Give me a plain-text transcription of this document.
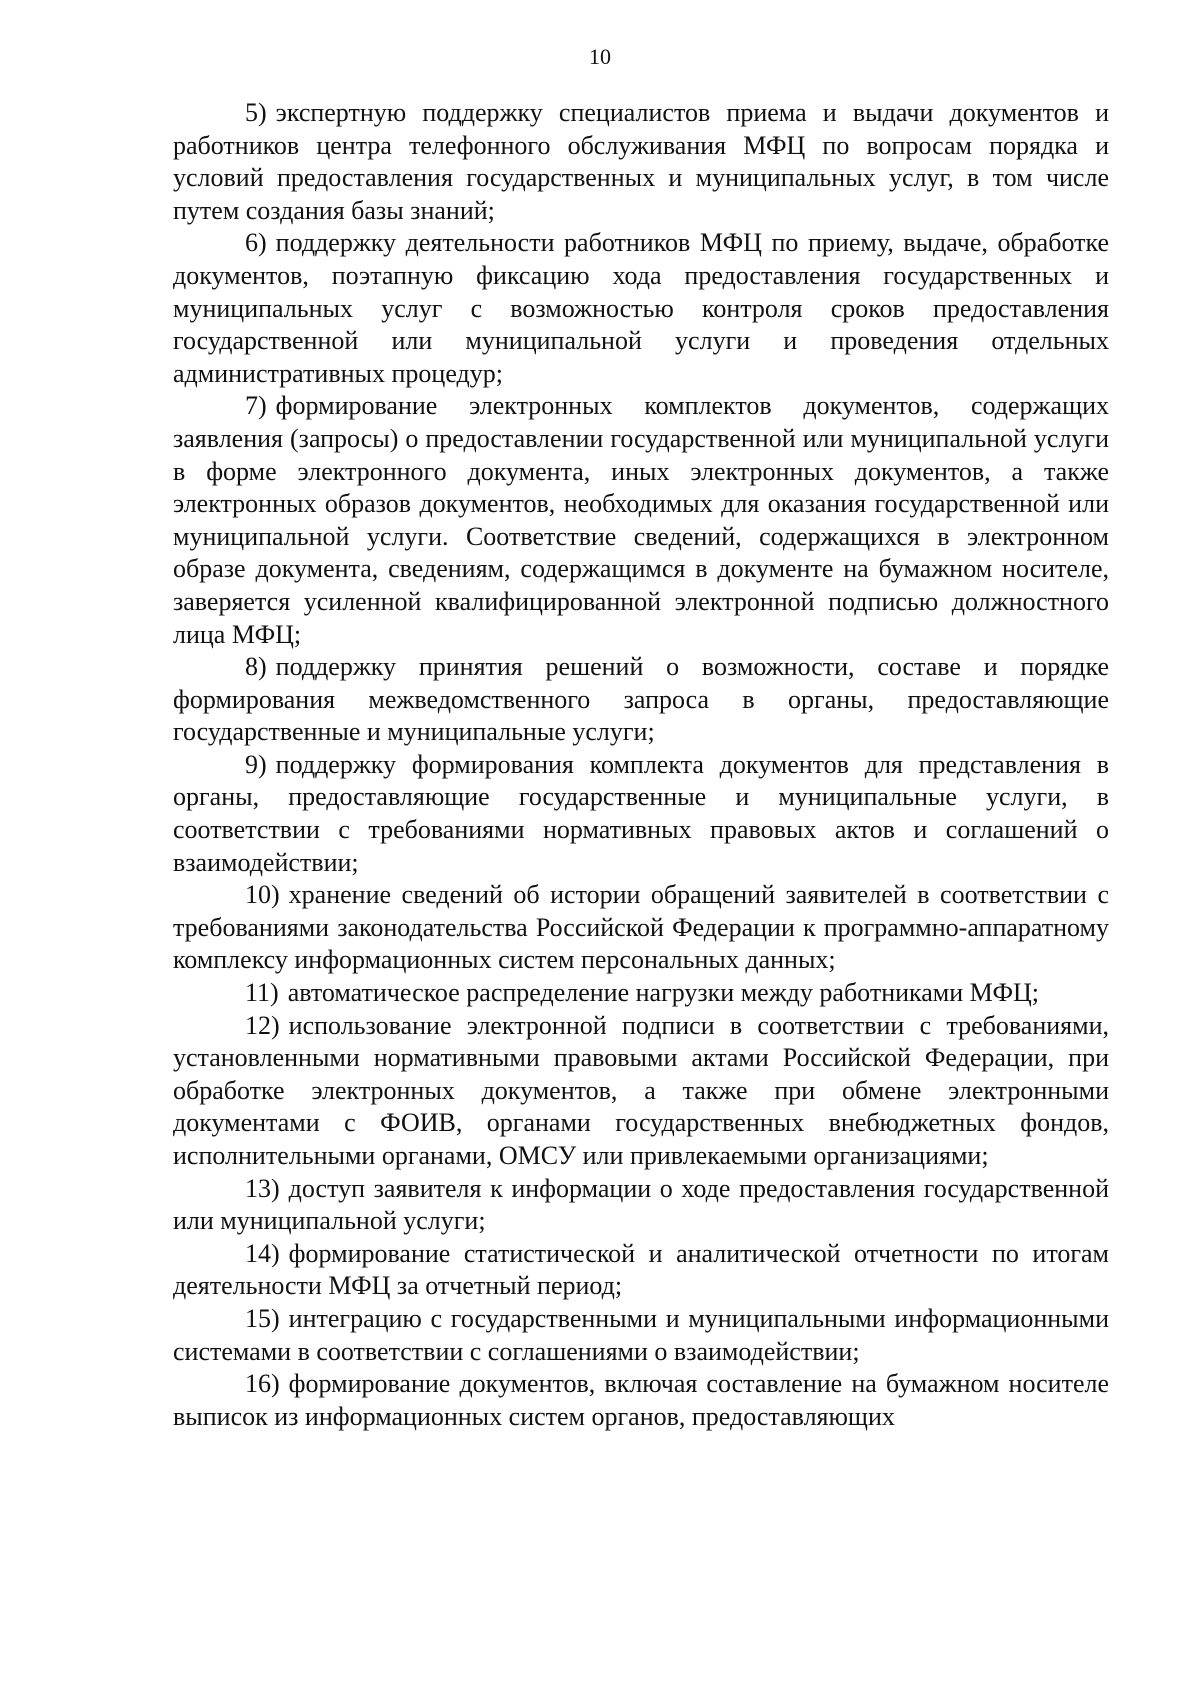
10

5) экспертную поддержку специалистов приема и выдачи документов и работников центра телефонного обслуживания МФЦ по вопросам порядка и условий предоставления государственных и муниципальных услуг, в том числе путем создания базы знаний;

6) поддержку деятельности работников МФЦ по приему, выдаче, обработке документов, поэтапную фиксацию хода предоставления государственных и муниципальных услуг с возможностью контроля сроков предоставления государственной или муниципальной услуги и проведения отдельных административных процедур;

7) формирование электронных комплектов документов, содержащих заявления (запросы) о предоставлении государственной или муниципальной услуги в форме электронного документа, иных электронных документов, а также электронных образов документов, необходимых для оказания государственной или муниципальной услуги. Соответствие сведений, содержащихся в электронном образе документа, сведениям, содержащимся в документе на бумажном носителе, заверяется усиленной квалифицированной электронной подписью должностного лица МФЦ;

8) поддержку принятия решений о возможности, составе и порядке формирования межведомственного запроса в органы, предоставляющие государственные и муниципальные услуги;

9) поддержку формирования комплекта документов для представления в органы, предоставляющие государственные и муниципальные услуги, в соответствии с требованиями нормативных правовых актов и соглашений о взаимодействии;

10) хранение сведений об истории обращений заявителей в соответствии с требованиями законодательства Российской Федерации к программно-аппаратному комплексу информационных систем персональных данных;

11) автоматическое распределение нагрузки между работниками МФЦ;

12) использование электронной подписи в соответствии с требованиями, установленными нормативными правовыми актами Российской Федерации, при обработке электронных документов, а также при обмене электронными документами с ФОИВ, органами государственных внебюджетных фондов, исполнительными органами, ОМСУ или привлекаемыми организациями;

13) доступ заявителя к информации о ходе предоставления государственной или муниципальной услуги;

14) формирование статистической и аналитической отчетности по итогам деятельности МФЦ за отчетный период;

15) интеграцию с государственными и муниципальными информационными системами в соответствии с соглашениями о взаимодействии;

16) формирование документов, включая составление на бумажном носителе выписок из информационных систем органов, предоставляющих
